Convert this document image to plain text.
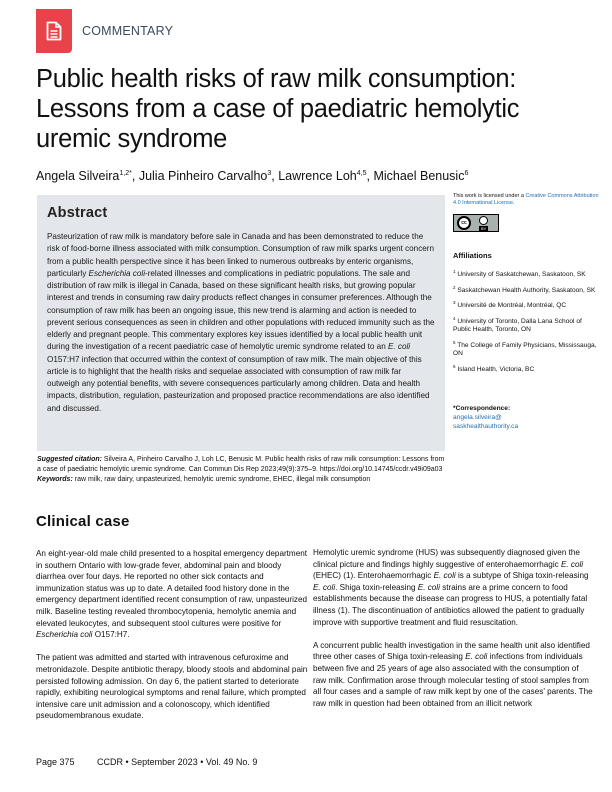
COMMENTARY
Public health risks of raw milk consumption: Lessons from a case of paediatric hemolytic uremic syndrome
Angela Silveira$^{1,2*}$, Julia Pinheiro Carvalho$^3$, Lawrence Loh$^{4,5}$, Michael Benusic$^6$
Abstract

Pasteurization of raw milk is mandatory before sale in Canada and has been demonstrated to reduce the risk of food-borne illness associated with milk consumption. Consumption of raw milk sparks urgent concern from a public health perspective since it has been linked to numerous outbreaks by enteric organisms, particularly Escherichia coli-related illnesses and complications in pediatric populations. The sale and distribution of raw milk is illegal in Canada, based on these significant health risks, but growing popular interest and trends in consuming raw dairy products reflect changes in consumer preferences. Although the consumption of raw milk has been an ongoing issue, this new trend is alarming and action is needed to prevent serious consequences as seen in children and other populations with reduced immunity such as the elderly and pregnant people. This commentary explores key issues identified by a local public health unit during the investigation of a recent paediatric case of hemolytic uremic syndrome related to an E. coli O157:H7 infection that occurred within the context of consumption of raw milk. The main objective of this article is to highlight that the health risks and sequelae associated with consumption of raw milk far outweigh any potential benefits, with severe consequences particularly among children. Data and health impacts, distribution, regulation, pasteurization and proposed practice recommendations are also identified and discussed.

Suggested citation: Silveira A, Pinheiro Carvalho J, Loh LC, Benusic M. Public health risks of raw milk consumption: Lessons from a case of paediatric hemolytic uremic syndrome. Can Commun Dis Rep 2023;49(9):375–9. https://doi.org/10.14745/ccdr.v49i09a03
Keywords: raw milk, raw dairy, unpasteurized, hemolytic uremic syndrome, EHEC, illegal milk consumption
This work is licensed under a Creative Commons Attribution 4.0 International License.
cc
BY
Affiliations
$^1$ University of Saskatchewan, Saskatoon, SK
$^2$ Saskatchewan Health Authority, Saskatoon, SK
$^3$ Université de Montréal, Montréal, QC
$^4$ University of Toronto, Dalla Lana School of Public Health, Toronto, ON
$^5$ The College of Family Physicians, Mississauga, ON
$^6$ Island Health, Victoria, BC
*Correspondence:
angela.silveira@
saskhealthauthority.ca
Clinical case

An eight-year-old male child presented to a hospital emergency department in southern Ontario with low-grade fever, abdominal pain and bloody diarrhea over four days. He reported no other sick contacts and immunization status was up to date. A detailed food history done in the emergency department identified recent consumption of raw, unpasteurized milk. Baseline testing revealed thrombocytopenia, hemolytic anemia and elevated leukocytes, and subsequent stool cultures were positive for Escherichia coli O157:H7.

The patient was admitted and started with intravenous cefuroxime and metronidazole. Despite antibiotic therapy, bloody stools and abdominal pain persisted following admission. On day 6, the patient started to deteriorate rapidly, exhibiting neurological symptoms and renal failure, which prompted intensive care unit admission and a colonoscopy, which identified pseudomembranous exudate.

Hemolytic uremic syndrome (HUS) was subsequently diagnosed given the clinical picture and findings highly suggestive of enterohaemorrhagic E. coli (EHEC) (1). Enterohaemorrhagic E. coli is a subtype of Shiga toxin-releasing E. coli. Shiga toxin-releasing E. coli strains are a prime concern to food establishments because the disease can progress to HUS, a potentially fatal illness (1). The discontinuation of antibiotics allowed the patient to gradually improve with supportive treatment and fluid resuscitation.

A concurrent public health investigation in the same health unit also identified three other cases of Shiga toxin-releasing E. coli infections from individuals between five and 25 years of age also associated with the consumption of raw milk. Confirmation arose through molecular testing of stool samples from all four cases and a sample of raw milk kept by one of the cases' parents. The raw milk in question had been obtained from an illicit network

Page 375	CCDR • September 2023 • Vol. 49 No. 9
